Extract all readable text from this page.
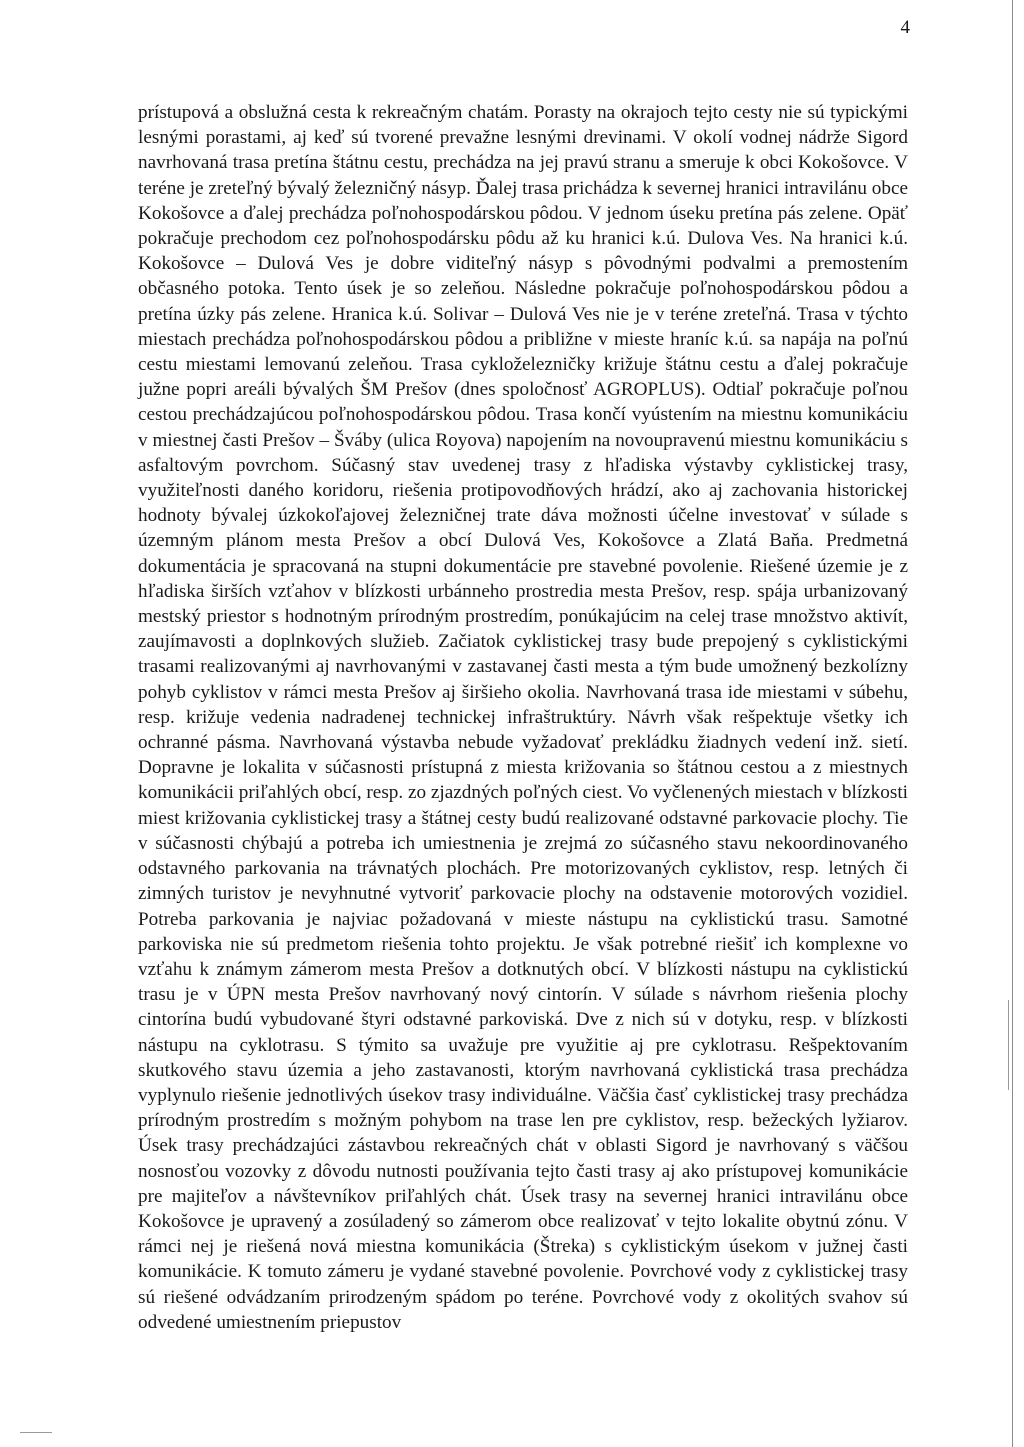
4

prístupová a obslužná cesta k rekreačným chatám. Porasty na okrajoch tejto cesty nie sú typickými lesnými porastami, aj keď sú tvorené prevažne lesnými drevinami. V okolí vodnej nádrže Sigord navrhovaná trasa pretína štátnu cestu, prechádza na jej pravú stranu a smeruje k obci Kokošovce. V teréne je zreteľný bývalý železničný násyp. Ďalej trasa prichádza k severnej hranici intravilánu obce Kokošovce a ďalej prechádza poľnohospodárskou pôdou. V jednom úseku pretína pás zelene. Opäť pokračuje prechodom cez poľnohospodársku pôdu až ku hranici k.ú. Dulova Ves. Na hranici k.ú. Kokošovce – Dulová Ves je dobre viditeľný násyp s pôvodnými podvalmi a premostením občasného potoka. Tento úsek je so zeleňou. Následne pokračuje poľnohospodárskou pôdou a pretína úzky pás zelene. Hranica k.ú. Solivar – Dulová Ves nie je v teréne zreteľná. Trasa v týchto miestach prechádza poľnohospodárskou pôdou a približne v mieste hraníc k.ú. sa napája na poľnú cestu miestami lemovanú zeleňou. Trasa cykloželezničky križuje štátnu cestu a ďalej pokračuje južne popri areáli bývalých ŠM Prešov (dnes spoločnosť AGROPLUS). Odtiaľ pokračuje poľnou cestou prechádzajúcou poľnohospodárskou pôdou. Trasa končí vyústením na miestnu komunikáciu v miestnej časti Prešov – Šváby (ulica Royova) napojením na novoupravenú miestnu komunikáciu s asfaltovým povrchom. Súčasný stav uvedenej trasy z hľadiska výstavby cyklistickej trasy, využiteľnosti daného koridoru, riešenia protipovodňových hrádzí, ako aj zachovania historickej hodnoty bývalej úzkokoľajovej železničnej trate dáva možnosti účelne investovať v súlade s územným plánom mesta Prešov a obcí Dulová Ves, Kokošovce a Zlatá Baňa. Predmetná dokumentácia je spracovaná na stupni dokumentácie pre stavebné povolenie. Riešené územie je z hľadiska širších vzťahov v blízkosti urbánneho prostredia mesta Prešov, resp. spája urbanizovaný mestský priestor s hodnotným prírodným prostredím, ponúkajúcim na celej trase množstvo aktivít, zaujímavosti a doplnkových služieb. Začiatok cyklistickej trasy bude prepojený s cyklistickými trasami realizovanými aj navrhovanými v zastavanej časti mesta a tým bude umožnený bezkolízny pohyb cyklistov v rámci mesta Prešov aj širšieho okolia. Navrhovaná trasa ide miestami v súbehu, resp. križuje vedenia nadradenej technickej infraštruktúry. Návrh však rešpektuje všetky ich ochranné pásma. Navrhovaná výstavba nebude vyžadovať prekládku žiadnych vedení inž. sietí. Dopravne je lokalita v súčasnosti prístupná z miesta križovania so štátnou cestou a z miestnych komunikácii priľahlých obcí, resp. zo zjazdných poľných ciest. Vo vyčlenených miestach v blízkosti miest križovania cyklistickej trasy a štátnej cesty budú realizované odstavné parkovacie plochy. Tie v súčasnosti chýbajú a potreba ich umiestnenia je zrejmá zo súčasného stavu nekoordinovaného odstavného parkovania na trávnatých plochách. Pre motorizovaných cyklistov, resp. letných či zimných turistov je nevyhnutné vytvoriť parkovacie plochy na odstavenie motorových vozidiel. Potreba parkovania je najviac požadovaná v mieste nástupu na cyklistickú trasu. Samotné parkoviska nie sú predmetom riešenia tohto projektu. Je však potrebné riešiť ich komplexne vo vzťahu k známym zámerom mesta Prešov a dotknutých obcí. V blízkosti nástupu na cyklistickú trasu je v ÚPN mesta Prešov navrhovaný nový cintorín. V súlade s návrhom riešenia plochy cintorína budú vybudované štyri odstavné parkoviská. Dve z nich sú v dotyku, resp. v blízkosti nástupu na cyklotrasu. S týmito sa uvažuje pre využitie aj pre cyklotrasu. Rešpektovaním skutkového stavu územia a jeho zastavanosti, ktorým navrhovaná cyklistická trasa prechádza vyplynulo riešenie jednotlivých úsekov trasy individuálne. Väčšia časť cyklistickej trasy prechádza prírodným prostredím s možným pohybom na trase len pre cyklistov, resp. bežeckých lyžiarov. Úsek trasy prechádzajúci zástavbou rekreačných chát v oblasti Sigord je navrhovaný s väčšou nosnosťou vozovky z dôvodu nutnosti používania tejto časti trasy aj ako prístupovej komunikácie pre majiteľov a návštevníkov priľahlých chát. Úsek trasy na severnej hranici intravilánu obce Kokošovce je upravený a zosúladený so zámerom obce realizovať v tejto lokalite obytnú zónu. V rámci nej je riešená nová miestna komunikácia (Štreka) s cyklistickým úsekom v južnej časti komunikácie. K tomuto zámeru je vydané stavebné povolenie. Povrchové vody z cyklistickej trasy sú riešené odvádzaním prirodzeným spádom po teréne. Povrchové vody z okolitých svahov sú odvedené umiestnením priepustov
